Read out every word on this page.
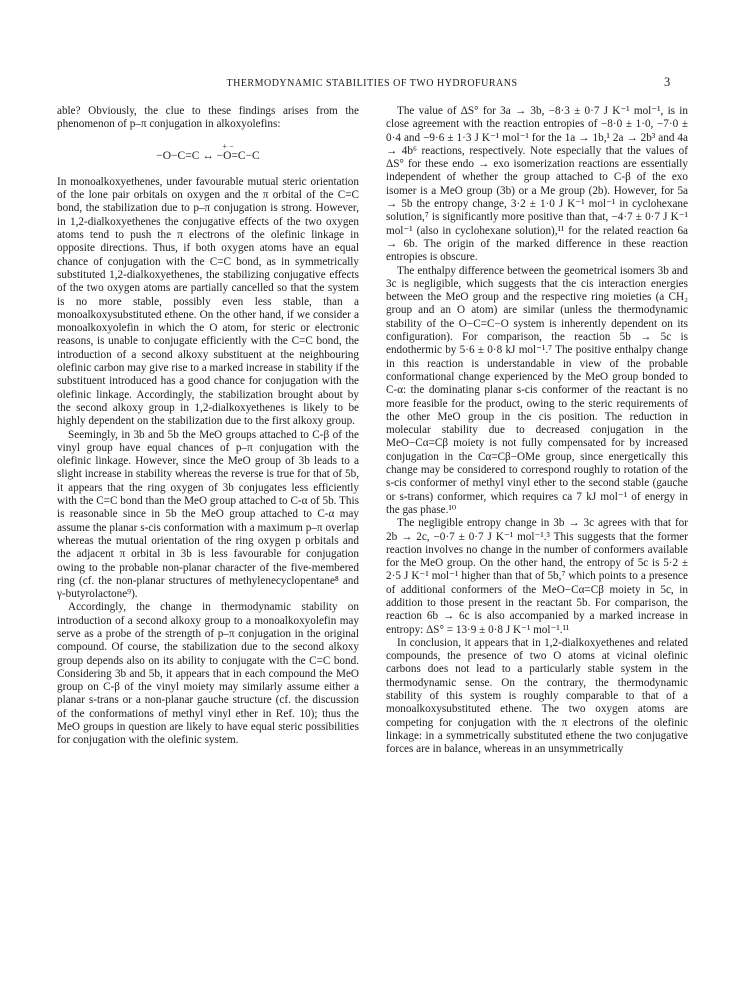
THERMODYNAMIC STABILITIES OF TWO HYDROFURANS	3

able? Obviously, the clue to these findings arises from the phenomenon of p–π conjugation in alkoxyolefins:

+ −
−O−C=C ↔ −O=C−C

In monoalkoxyethenes, under favourable mutual steric orientation of the lone pair orbitals on oxygen and the π orbital of the C=C bond, the stabilization due to p–π conjugation is strong. However, in 1,2-dialkoxyethenes the conjugative effects of the two oxygen atoms tend to push the π electrons of the olefinic linkage in opposite directions. Thus, if both oxygen atoms have an equal chance of conjugation with the C=C bond, as in symmetrically substituted 1,2-dialkoxyethenes, the stabilizing conjugative effects of the two oxygen atoms are partially cancelled so that the system is no more stable, possibly even less stable, than a monoalkoxysubstituted ethene. On the other hand, if we consider a monoalkoxyolefin in which the O atom, for steric or electronic reasons, is unable to conjugate efficiently with the C=C bond, the introduction of a second alkoxy substituent at the neighbouring olefinic carbon may give rise to a marked increase in stability if the substituent introduced has a good chance for conjugation with the olefinic linkage. Accordingly, the stabilization brought about by the second alkoxy group in 1,2-dialkoxyethenes is likely to be highly dependent on the stabilization due to the first alkoxy group.

Seemingly, in 3b and 5b the MeO groups attached to C-β of the vinyl group have equal chances of p–π conjugation with the olefinic linkage. However, since the MeO group of 3b leads to a slight increase in stability whereas the reverse is true for that of 5b, it appears that the ring oxygen of 3b conjugates less efficiently with the C=C bond than the MeO group attached to C-α of 5b. This is reasonable since in 5b the MeO group attached to C-α may assume the planar s-cis conformation with a maximum p–π overlap whereas the mutual orientation of the ring oxygen p orbitals and the adjacent π orbital in 3b is less favourable for conjugation owing to the probable non-planar character of the five-membered ring (cf. the non-planar structures of methylenecyclopentane⁸ and γ-butyrolactone⁹).

Accordingly, the change in thermodynamic stability on introduction of a second alkoxy group to a monoalkoxyolefin may serve as a probe of the strength of p–π conjugation in the original compound. Of course, the stabilization due to the second alkoxy group depends also on its ability to conjugate with the C=C bond. Considering 3b and 5b, it appears that in each compound the MeO group on C-β of the vinyl moiety may similarly assume either a planar s-trans or a non-planar gauche structure (cf. the discussion of the conformations of methyl vinyl ether in Ref. 10); thus the MeO groups in question are likely to have equal steric possibilities for conjugation with the olefinic system.

The value of ΔS° for 3a → 3b, −8·3 ± 0·7 J K⁻¹ mol⁻¹, is in close agreement with the reaction entropies of −8·0 ± 1·0, −7·0 ± 0·4 and −9·6 ± 1·3 J K⁻¹ mol⁻¹ for the 1a → 1b,¹ 2a → 2b³ and 4a → 4b⁶ reactions, respectively. Note especially that the values of ΔS° for these endo → exo isomerization reactions are essentially independent of whether the group attached to C-β of the exo isomer is a MeO group (3b) or a Me group (2b). However, for 5a → 5b the entropy change, 3·2 ± 1·0 J K⁻¹ mol⁻¹ in cyclohexane solution,⁷ is significantly more positive than that, −4·7 ± 0·7 J K⁻¹ mol⁻¹ (also in cyclohexane solution),¹¹ for the related reaction 6a → 6b. The origin of the marked difference in these reaction entropies is obscure.

The enthalpy difference between the geometrical isomers 3b and 3c is negligible, which suggests that the cis interaction energies between the MeO group and the respective ring moieties (a CH₂ group and an O atom) are similar (unless the thermodynamic stability of the O−C=C−O system is inherently dependent on its configuration). For comparison, the reaction 5b → 5c is endothermic by 5·6 ± 0·8 kJ mol⁻¹.⁷ The positive enthalpy change in this reaction is understandable in view of the probable conformational change experienced by the MeO group bonded to C-α: the dominating planar s-cis conformer of the reactant is no more feasible for the product, owing to the steric requirements of the other MeO group in the cis position. The reduction in molecular stability due to decreased conjugation in the MeO−Cα=Cβ moiety is not fully compensated for by increased conjugation in the Cα=Cβ−OMe group, since energetically this change may be considered to correspond roughly to rotation of the s-cis conformer of methyl vinyl ether to the second stable (gauche or s-trans) conformer, which requires ca 7 kJ mol⁻¹ of energy in the gas phase.¹⁰

The negligible entropy change in 3b → 3c agrees with that for 2b → 2c, −0·7 ± 0·7 J K⁻¹ mol⁻¹.³ This suggests that the former reaction involves no change in the number of conformers available for the MeO group. On the other hand, the entropy of 5c is 5·2 ± 2·5 J K⁻¹ mol⁻¹ higher than that of 5b,⁷ which points to a presence of additional conformers of the MeO−Cα=Cβ moiety in 5c, in addition to those present in the reactant 5b. For comparison, the reaction 6b → 6c is also accompanied by a marked increase in entropy: ΔS° = 13·9 ± 0·8 J K⁻¹ mol⁻¹.¹¹

In conclusion, it appears that in 1,2-dialkoxyethenes and related compounds, the presence of two O atoms at vicinal olefinic carbons does not lead to a particularly stable system in the thermodynamic sense. On the contrary, the thermodynamic stability of this system is roughly comparable to that of a monoalkoxysubstituted ethene. The two oxygen atoms are competing for conjugation with the π electrons of the olefinic linkage: in a symmetrically substituted ethene the two conjugative forces are in balance, whereas in an unsymmetrically
